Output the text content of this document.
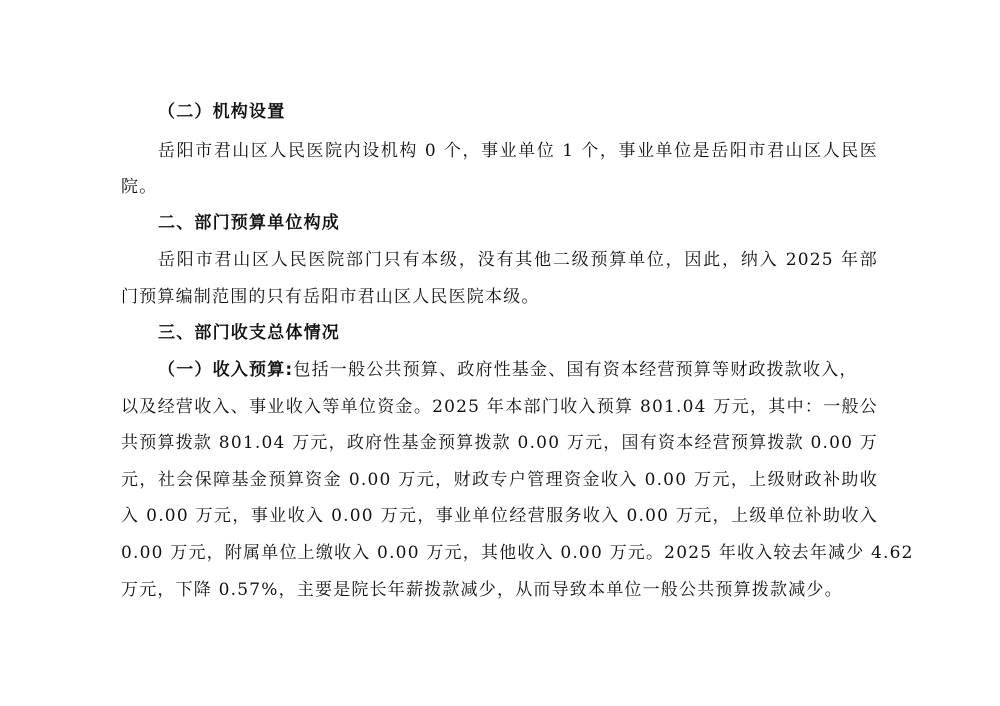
（二）机构设置
岳阳市君山区人民医院内设机构 0 个，事业单位 1 个，事业单位是岳阳市君山区人民医
院。
二、部门预算单位构成
岳阳市君山区人民医院部门只有本级，没有其他二级预算单位，因此，纳入 2025 年部
门预算编制范围的只有岳阳市君山区人民医院本级。
三、部门收支总体情况
（一）收入预算:包括一般公共预算、政府性基金、国有资本经营预算等财政拨款收入，
以及经营收入、事业收入等单位资金。2025 年本部门收入预算 801.04 万元，其中：一般公
共预算拨款 801.04 万元，政府性基金预算拨款 0.00 万元，国有资本经营预算拨款 0.00 万
元，社会保障基金预算资金 0.00 万元，财政专户管理资金收入 0.00 万元，上级财政补助收
入 0.00 万元，事业收入 0.00 万元，事业单位经营服务收入 0.00 万元，上级单位补助收入
0.00 万元，附属单位上缴收入 0.00 万元，其他收入 0.00 万元。2025 年收入较去年减少 4.62
万元，下降 0.57%，主要是院长年薪拨款减少，从而导致本单位一般公共预算拨款减少。
